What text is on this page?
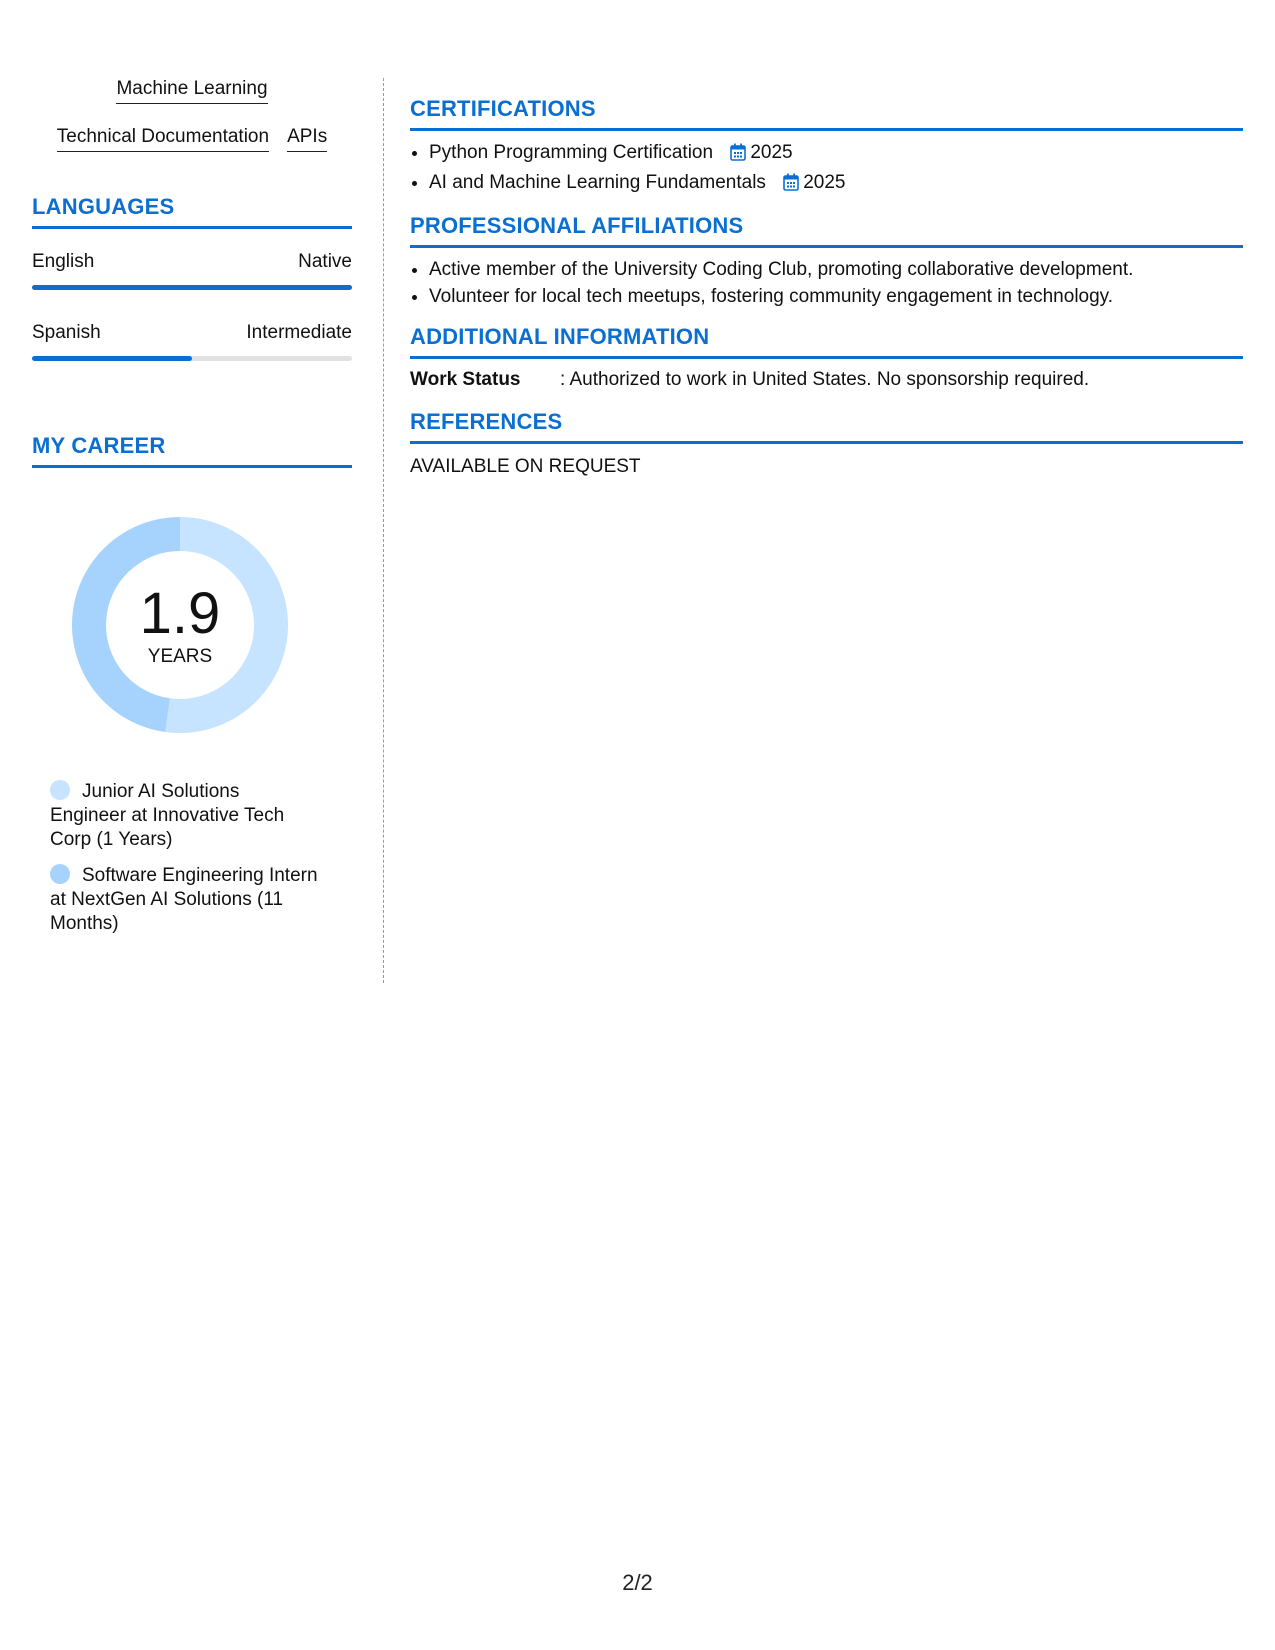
Machine Learning
Technical Documentation APIs
LANGUAGES
English	Native
Spanish	Intermediate
MY CAREER
1.9
YEARS
Junior AI Solutions Engineer at Innovative Tech Corp (1 Years)
Software Engineering Intern at NextGen AI Solutions (11 Months)
CERTIFICATIONS
• Python Programming Certification 2025
• AI and Machine Learning Fundamentals 2025
PROFESSIONAL AFFILIATIONS
• Active member of the University Coding Club, promoting collaborative development.
• Volunteer for local tech meetups, fostering community engagement in technology.
ADDITIONAL INFORMATION
Work Status	: Authorized to work in United States. No sponsorship required.
REFERENCES
AVAILABLE ON REQUEST
2/2
